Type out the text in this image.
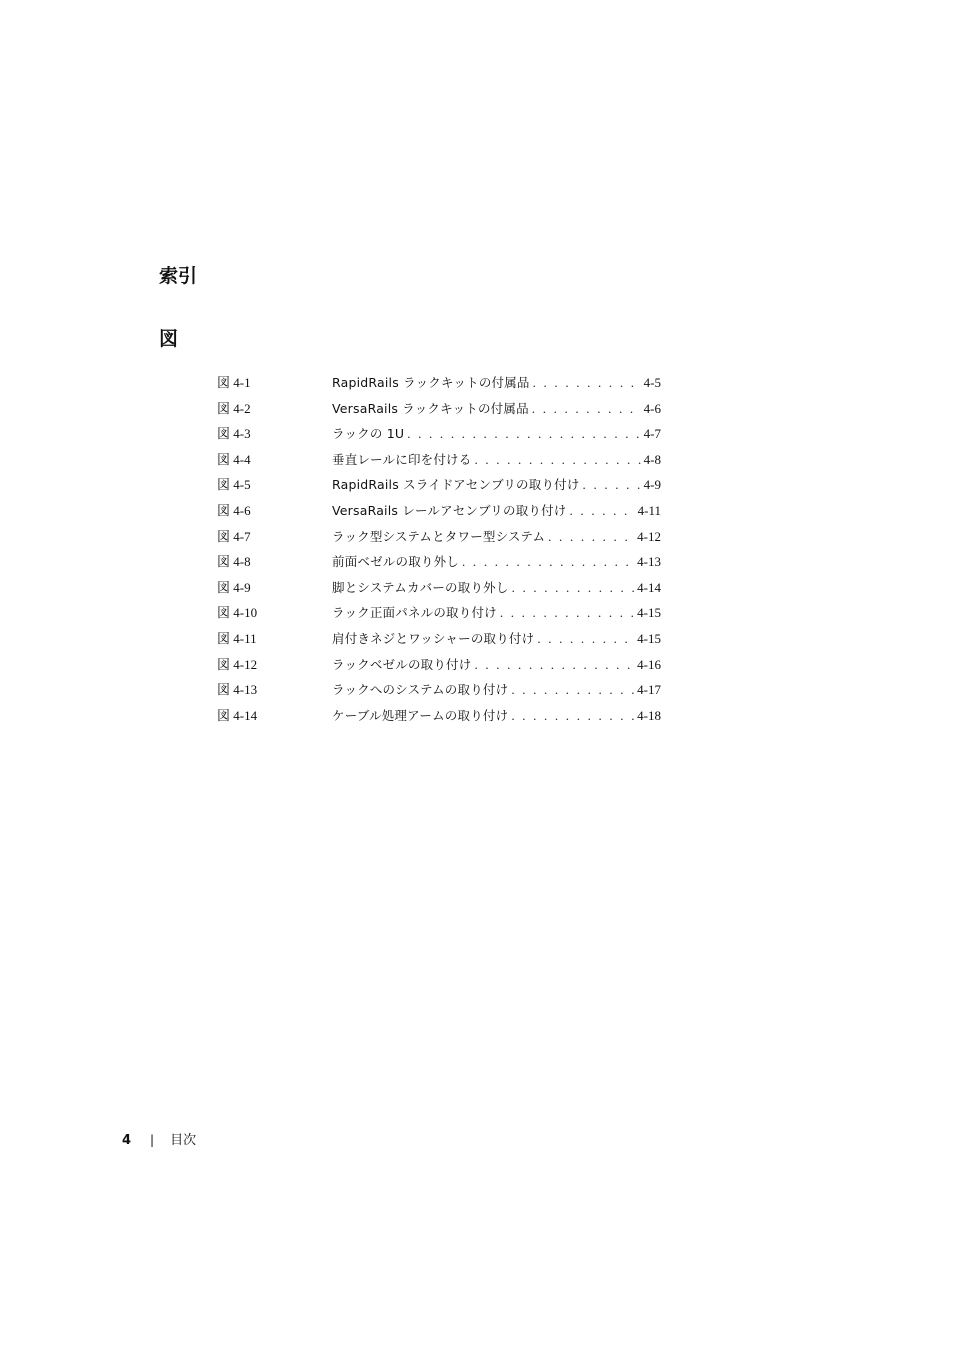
索引
図
図 4-1	RapidRails ラックキットの付属品 . . .	4-5
図 4-2	VersaRails ラックキットの付属品 . . .	4-6
図 4-3	ラックの 1U . . .	4-7
図 4-4	垂直レールに印を付ける . . .	4-8
図 4-5	RapidRails スライドアセンブリの取り付け . . .	4-9
図 4-6	VersaRails レールアセンブリの取り付け . . .	4-11
図 4-7	ラック型システムとタワー型システム . . .	4-12
図 4-8	前面ベゼルの取り外し . . .	4-13
図 4-9	脚とシステムカバーの取り外し . . .	4-14
図 4-10	ラック正面パネルの取り付け . . .	4-15
図 4-11	肩付きネジとワッシャーの取り付け . . .	4-15
図 4-12	ラックベゼルの取り付け . . .	4-16
図 4-13	ラックへのシステムの取り付け . . .	4-17
図 4-14	ケーブル処理アームの取り付け . . .	4-18
4 | 目次
